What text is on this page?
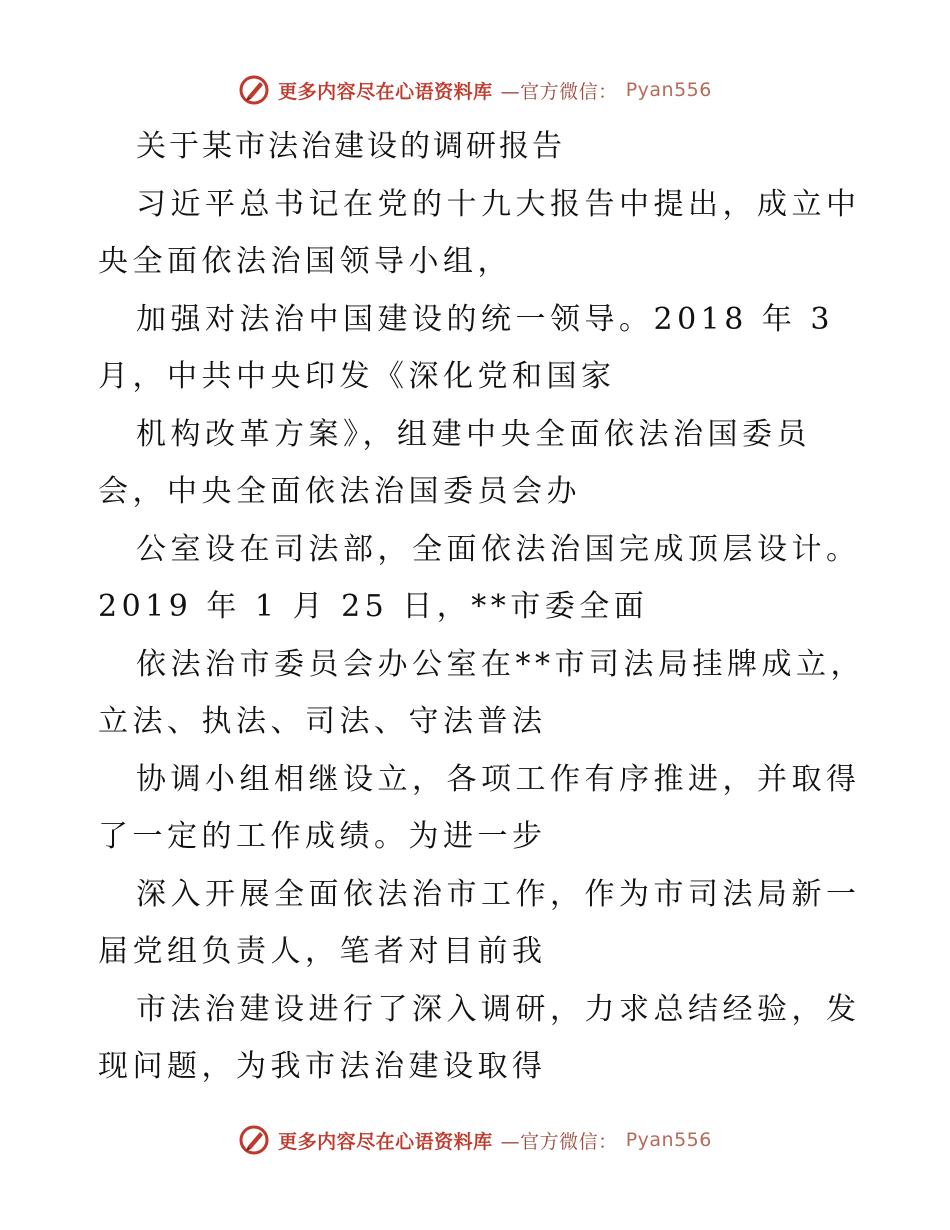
更多内容尽在心语资料库 —官方微信： Pyan556
关于某市法治建设的调研报告
习近平总书记在党的十九大报告中提出，成立中
央全面依法治国领导小组，
加强对法治中国建设的统一领导。2018 年 3
月，中共中央印发《深化党和国家
机构改革方案》，组建中央全面依法治国委员
会，中央全面依法治国委员会办
公室设在司法部，全面依法治国完成顶层设计。
2019 年 1 月 25 日，**市委全面
依法治市委员会办公室在**市司法局挂牌成立，
立法、执法、司法、守法普法
协调小组相继设立，各项工作有序推进，并取得
了一定的工作成绩。为进一步
深入开展全面依法治市工作，作为市司法局新一
届党组负责人，笔者对目前我
市法治建设进行了深入调研，力求总结经验，发
现问题，为我市法治建设取得
更多内容尽在心语资料库 —官方微信： Pyan556
